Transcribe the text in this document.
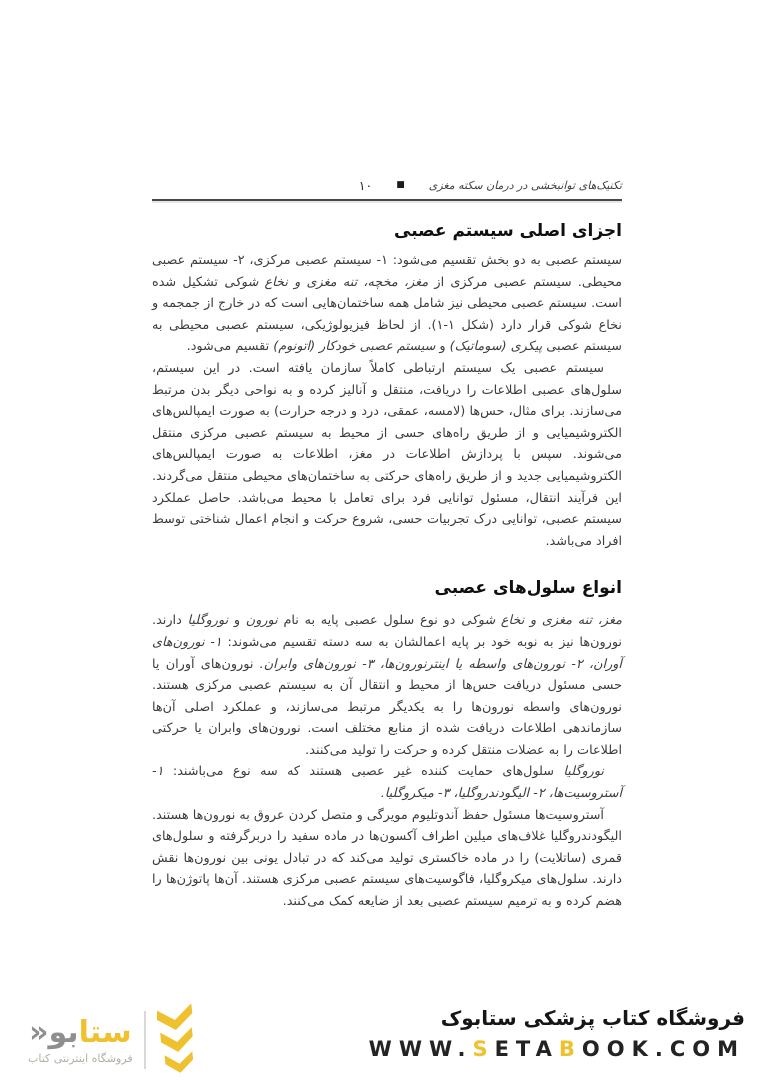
۱۰	■ تکنیک‌های توانبخشی در درمان سکته مغزی
اجزای اصلی سیستم عصبی

سیستم عصبی به دو بخش تقسیم می‌شود: ۱- سیستم عصبی مرکزی، ۲- سیستم عصبی محیطی. سیستم عصبی مرکزی از مغز، مخچه، تنه مغزی و نخاع شوکی تشکیل شده است. سیستم عصبی محیطی نیز شامل همه ساختمان‌هایی است که در خارج از جمجمه و نخاع شوکی قرار دارد (شکل ۱-۱). از لحاظ فیزیولوژیکی، سیستم عصبی محیطی به سیستم عصبی پیکری (سوماتیک) و سیستم عصبی خودکار (اتونوم) تقسیم می‌شود.

سیستم عصبی یک سیستم ارتباطی کاملاً سازمان یافته است. در این سیستم، سلول‌های عصبی اطلاعات را دریافت، منتقل و آنالیز کرده و به نواحی دیگر بدن مرتبط می‌سازند. برای مثال، حس‌ها (لامسه، عمقی، درد و درجه حرارت) به صورت ایمپالس‌های الکتروشیمیایی و از طریق راه‌های حسی از محیط به سیستم عصبی مرکزی منتقل می‌شوند. سپس با پردازش اطلاعات در مغز، اطلاعات به صورت ایمپالس‌های الکتروشیمیایی جدید و از طریق راه‌های حرکتی به ساختمان‌های محیطی منتقل می‌گردند. این فرآیند انتقال، مسئول توانایی فرد برای تعامل با محیط می‌باشد. حاصل عملکرد سیستم عصبی، توانایی درک تجربیات حسی، شروع حرکت و انجام اعمال شناختی توسط افراد می‌باشد.

انواع سلول‌های عصبی

مغز، تنه مغزی و نخاع شوکی دو نوع سلول عصبی پایه به نام نورون و نوروگلیا دارند. نورون‌ها نیز به نوبه خود بر پایه اعمالشان به سه دسته تقسیم می‌شوند: ۱- نورون‌های آوران، ۲- نورون‌های واسطه یا اینترنورون‌ها، ۳- نورون‌های وابران. نورون‌های آوران یا حسی مسئول دریافت حس‌ها از محیط و انتقال آن به سیستم عصبی مرکزی هستند. نورون‌های واسطه نورون‌ها را به یکدیگر مرتبط می‌سازند، و عملکرد اصلی آن‌ها سازماندهی اطلاعات دریافت شده از منابع مختلف است. نورون‌های وابران یا حرکتی اطلاعات را به عضلات منتقل کرده و حرکت را تولید می‌کنند.

نوروگلیا سلول‌های حمایت کننده غیر عصبی هستند که سه نوع می‌باشند: ۱- آستروسیت‌ها، ۲- الیگودندروگلیا، ۳- میکروگلیا.

آستروسیت‌ها مسئول حفظ آندوتلیوم مویرگی و متصل کردن عروق به نورون‌ها هستند. الیگودندروگلیا غلاف‌های میلین اطراف آکسون‌ها در ماده سفید را دربرگرفته و سلول‌های قمری (ساتلایت) را در ماده خاکستری تولید می‌کند که در تبادل یونی بین نورون‌ها نقش دارند. سلول‌های میکروگلیا، فاگوسیت‌های سیستم عصبی مرکزی هستند. آن‌ها پاتوژن‌ها را هضم کرده و به ترمیم سیستم عصبی بعد از ضایعه کمک می‌کنند.

ستابو«
فروشگاه اینترنتی کتاب
فروشگاه کتاب پزشکی ستابوک
WWW.SETABOOK.COM
